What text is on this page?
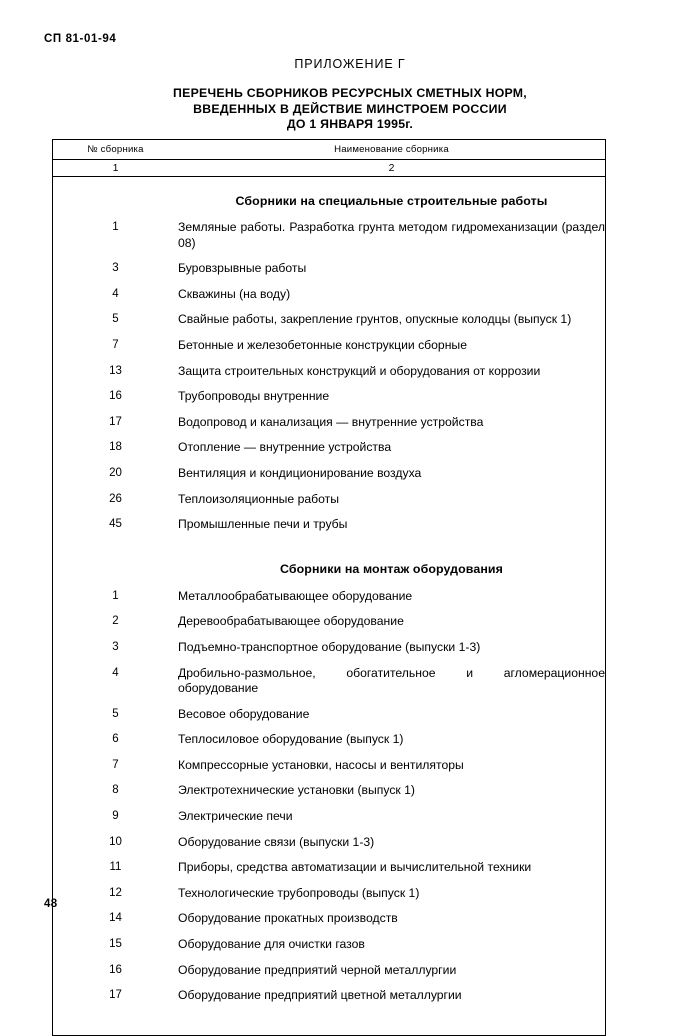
СП 81-01-94
ПРИЛОЖЕНИЕ Г
ПЕРЕЧЕНЬ СБОРНИКОВ РЕСУРСНЫХ СМЕТНЫХ НОРМ,
ВВЕДЕННЫХ В ДЕЙСТВИЕ МИНСТРОЕМ РОССИИ
ДО 1 ЯНВАРЯ 1995г.
№ сборника	Наименование сборника
1	2
	Сборники на специальные строительные работы
1	Земляные работы. Разработка грунта методом гидромеханизации (раздел 08)
3	Буровзрывные работы
4	Скважины (на воду)
5	Свайные работы, закрепление грунтов, опускные колодцы (выпуск 1)
7	Бетонные и железобетонные конструкции сборные
13	Защита строительных конструкций и оборудования от коррозии
16	Трубопроводы внутренние
17	Водопровод и канализация — внутренние устройства
18	Отопление — внутренние устройства
20	Вентиляция и кондиционирование воздуха
26	Теплоизоляционные работы
45	Промышленные печи и трубы
	Сборники на монтаж оборудования
1	Металлообрабатывающее оборудование
2	Деревообрабатывающее оборудование
3	Подъемно-транспортное оборудование (выпуски 1-3)
4	Дробильно-размольное, обогатительное и агломерационное оборудование
5	Весовое оборудование
6	Теплосиловое оборудование (выпуск 1)
7	Компрессорные установки, насосы и вентиляторы
8	Электротехнические установки (выпуск 1)
9	Электрические печи
10	Оборудование связи (выпуски 1-3)
11	Приборы, средства автоматизации и вычислительной техники
12	Технологические трубопроводы (выпуск 1)
14	Оборудование прокатных производств
15	Оборудование для очистки газов
16	Оборудование предприятий черной металлургии
17	Оборудование предприятий цветной металлургии

48
